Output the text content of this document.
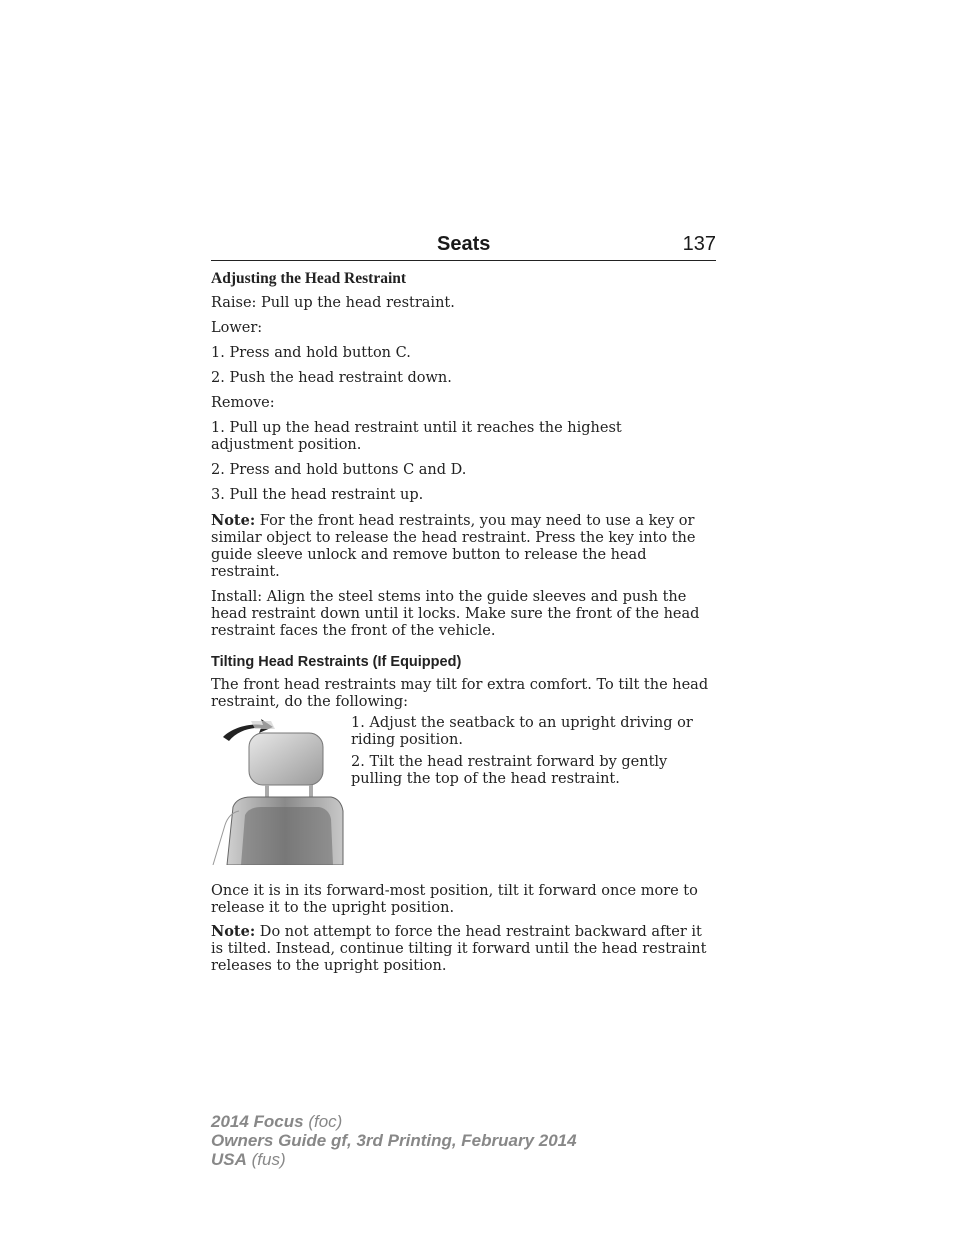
Seats	137

Adjusting the Head Restraint

Raise: Pull up the head restraint.

Lower:

1. Press and hold button C.

2. Push the head restraint down.

Remove:

1. Pull up the head restraint until it reaches the highest adjustment position.

2. Press and hold buttons C and D.

3. Pull the head restraint up.

Note: For the front head restraints, you may need to use a key or similar object to release the head restraint. Press the key into the guide sleeve unlock and remove button to release the head restraint.

Install: Align the steel stems into the guide sleeves and push the head restraint down until it locks. Make sure the front of the head restraint faces the front of the vehicle.

Tilting Head Restraints (If Equipped)

The front head restraints may tilt for extra comfort. To tilt the head restraint, do the following:

1. Adjust the seatback to an upright driving or riding position.

2. Tilt the head restraint forward by gently pulling the top of the head restraint.

Once it is in its forward-most position, tilt it forward once more to release it to the upright position.

Note: Do not attempt to force the head restraint backward after it is tilted. Instead, continue tilting it forward until the head restraint releases to the upright position.

2014 Focus (foc)
Owners Guide gf, 3rd Printing, February 2014
USA (fus)
